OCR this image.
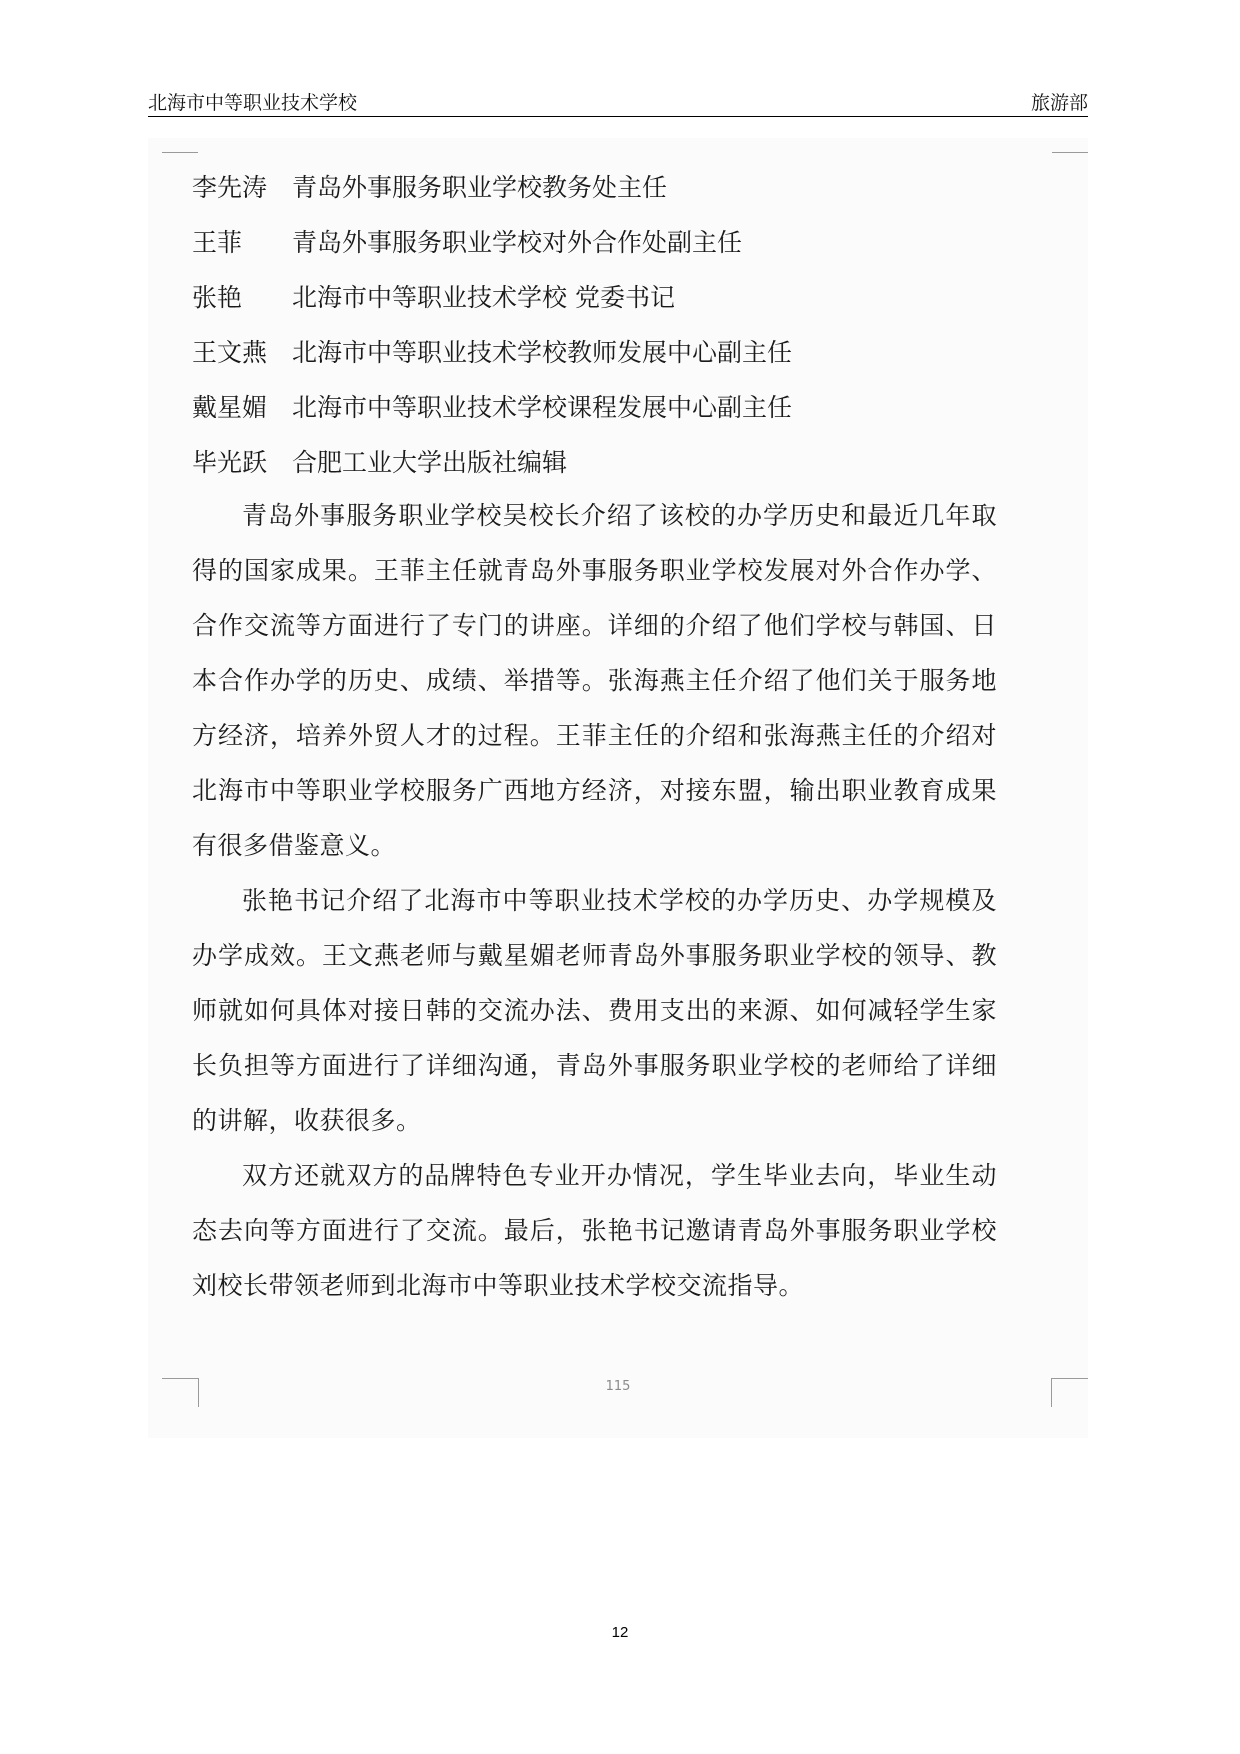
北海市中等职业技术学校	旅游部
李先涛 青岛外事服务职业学校教务处主任
王菲	青岛外事服务职业学校对外合作处副主任
张艳	北海市中等职业技术学校 党委书记
王文燕 北海市中等职业技术学校教师发展中心副主任
戴星媚 北海市中等职业技术学校课程发展中心副主任
毕光跃 合肥工业大学出版社编辑

青岛外事服务职业学校吴校长介绍了该校的办学历史和最近几年取得的国家成果。王菲主任就青岛外事服务职业学校发展对外合作办学、合作交流等方面进行了专门的讲座。详细的介绍了他们学校与韩国、日本合作办学的历史、成绩、举措等。张海燕主任介绍了他们关于服务地方经济，培养外贸人才的过程。王菲主任的介绍和张海燕主任的介绍对北海市中等职业学校服务广西地方经济，对接东盟，输出职业教育成果有很多借鉴意义。

张艳书记介绍了北海市中等职业技术学校的办学历史、办学规模及办学成效。王文燕老师与戴星媚老师青岛外事服务职业学校的领导、教师就如何具体对接日韩的交流办法、费用支出的来源、如何减轻学生家长负担等方面进行了详细沟通，青岛外事服务职业学校的老师给了详细的讲解，收获很多。

双方还就双方的品牌特色专业开办情况，学生毕业去向，毕业生动态去向等方面进行了交流。最后，张艳书记邀请青岛外事服务职业学校刘校长带领老师到北海市中等职业技术学校交流指导。

115
12
